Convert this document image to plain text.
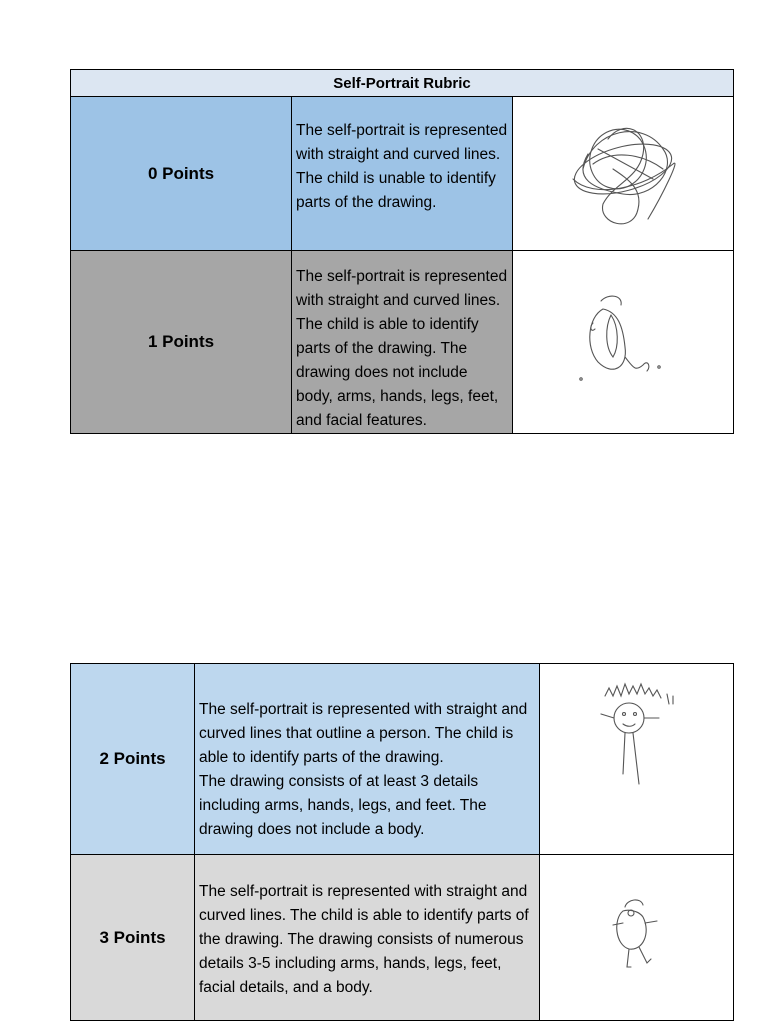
Self-Portrait Rubric		
0 Points	The self-portrait is represented with straight and curved lines. The child is unable to identify parts of the drawing.

1 Points	The self-portrait is represented with straight and curved lines. The child is able to identify parts of the drawing. The drawing does not include body, arms, hands, legs, feet, and facial features.

2 Points	The self-portrait is represented with straight and curved lines that outline a person. The child is able to identify parts of the drawing.
The drawing consists of at least 3 details including arms, hands, legs, and feet. The drawing does not include a body.

3 Points	The self-portrait is represented with straight and curved lines. The child is able to identify parts of the drawing. The drawing consists of numerous details 3-5 including arms, hands, legs, feet, facial details, and a body.
